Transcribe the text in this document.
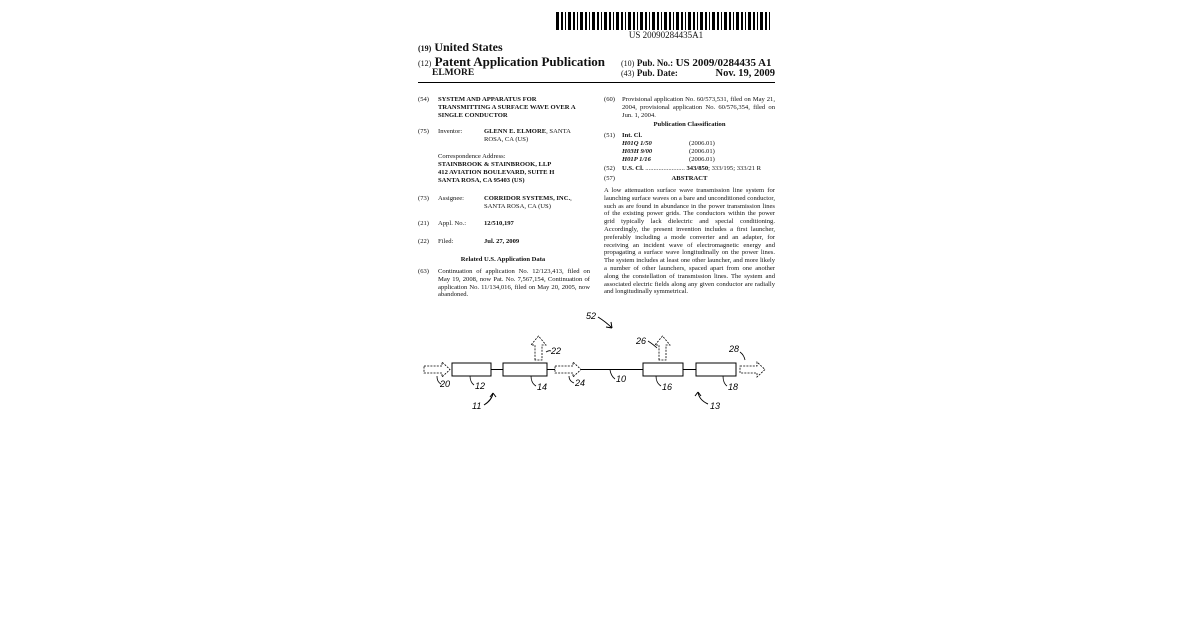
US 20090284435A1
(19) United States
(12) Patent Application Publication
ELMORE
(10) Pub. No.: US 2009/0284435 A1
(43) Pub. Date:	Nov. 19, 2009
(54) SYSTEM AND APPARATUS FOR TRANSMITTING A SURFACE WAVE OVER A SINGLE CONDUCTOR
(75) Inventor:	GLENN E. ELMORE, SANTA ROSA, CA (US)
Correspondence Address:
STAINBROOK & STAINBROOK, LLP
412 AVIATION BOULEVARD, SUITE H
SANTA ROSA, CA 95403 (US)
(73) Assignee:	CORRIDOR SYSTEMS, INC., SANTA ROSA, CA (US)
(21) Appl. No.:	12/510,197
(22) Filed:	Jul. 27, 2009
Related U.S. Application Data
(63) Continuation of application No. 12/123,413, filed on May 19, 2008, now Pat. No. 7,567,154, Continuation of application No. 11/134,016, filed on May 20, 2005, now abandoned.
(60) Provisional application No. 60/573,531, filed on May 21, 2004, provisional application No. 60/576,354, filed on Jun. 1, 2004.
Publication Classification
(51) Int. Cl.
H01Q 1/50	(2006.01)
H03H 9/00	(2006.01)
H01P 1/16	(2006.01)
(52) U.S. Cl. ........................ 343/850; 333/195; 333/21 R
(57)	ABSTRACT
A low attenuation surface wave transmission line system for launching surface waves on a bare and unconditioned conductor, such as are found in abundance in the power transmission lines of the existing power grids. The conductors within the power grid typically lack dielectric and special conditioning. Accordingly, the present invention includes a first launcher, preferably including a mode converter and an adapter, for receiving an incident wave of electromagnetic energy and propagating a surface wave longitudinally on the power lines. The system includes at least one other launcher, and more likely a number of other launchers, spaced apart from one another along the constellation of transmission lines. The system and associated electric fields along any given conductor are radially and longitudinally symmetrical.
52
22
26
28
20	12	14	24	10
16	18
11	13
